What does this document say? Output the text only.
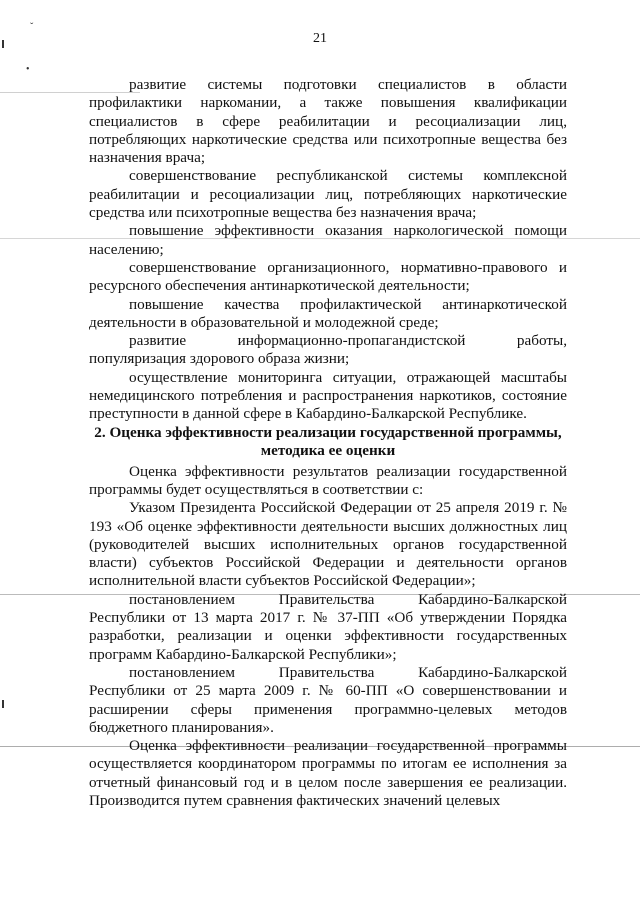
ˇ
•
21

развитие системы подготовки специалистов в области профилактики наркомании, а также повышения квалификации специалистов в сфере реабилитации и ресоциализации лиц, потребляющих наркотические средства или психотропные вещества без назначения врача;

совершенствование республиканской системы комплексной реабилитации и ресоциализации лиц, потребляющих наркотические средства или психотропные вещества без назначения врача;

повышение эффективности оказания наркологической помощи населению;

совершенствование организационного, нормативно-правового и ресурсного обеспечения антинаркотической деятельности;

повышение качества профилактической антинаркотической деятельности в образовательной и молодежной среде;

развитие информационно-пропагандистской работы, популяризация здорового образа жизни;

осуществление мониторинга ситуации, отражающей масштабы немедицинского потребления и распространения наркотиков, состояние преступности в данной сфере в Кабардино-Балкарской Республике.

2. Оценка эффективности реализации государственной программы, методика ее оценки

Оценка эффективности результатов реализации государственной программы будет осуществляться в соответствии с:

Указом Президента Российской Федерации от 25 апреля 2019 г. № 193 «Об оценке эффективности деятельности высших должностных лиц (руководителей высших исполнительных органов государственной власти) субъектов Российской Федерации и деятельности органов исполнительной власти субъектов Российской Федерации»;

постановлением Правительства Кабардино-Балкарской Республики от 13 марта 2017 г. № 37-ПП «Об утверждении Порядка разработки, реализации и оценки эффективности государственных программ Кабардино-Балкарской Республики»;

постановлением Правительства Кабардино-Балкарской Республики от 25 марта 2009 г. № 60-ПП «О совершенствовании и расширении сферы применения программно-целевых методов бюджетного планирования».

Оценка эффективности реализации государственной программы осуществляется координатором программы по итогам ее исполнения за отчетный финансовый год и в целом после завершения ее реализации. Производится путем сравнения фактических значений целевых
